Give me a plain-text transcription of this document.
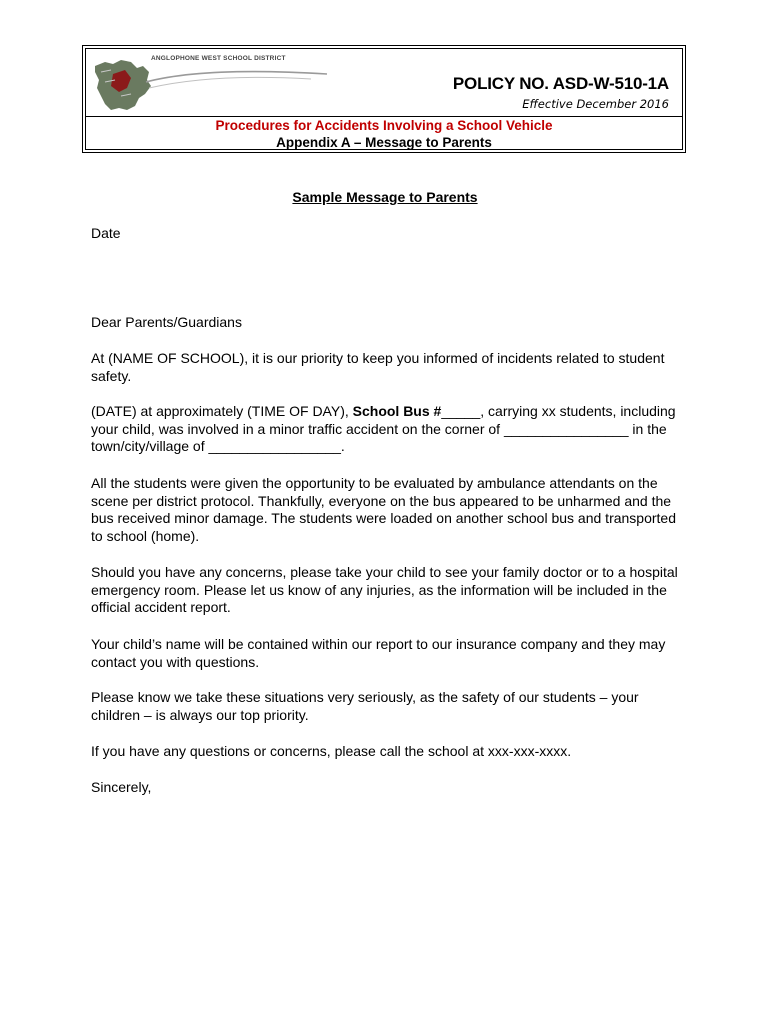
ANGLOPHONE WEST SCHOOL DISTRICT
POLICY NO. ASD-W-510-1A
Effective December 2016
Procedures for Accidents Involving a School Vehicle
Appendix A – Message to Parents
Sample Message to Parents
Date
Dear Parents/Guardians
At (NAME OF SCHOOL), it is our priority to keep you informed of incidents related to student safety.
(DATE) at approximately (TIME OF DAY), School Bus #_____, carrying xx students, including your child, was involved in a minor traffic accident on the corner of ________________ in the town/city/village of _________________.
All the students were given the opportunity to be evaluated by ambulance attendants on the scene per district protocol. Thankfully, everyone on the bus appeared to be unharmed and the bus received minor damage. The students were loaded on another school bus and transported to school (home).
Should you have any concerns, please take your child to see your family doctor or to a hospital emergency room. Please let us know of any injuries, as the information will be included in the official accident report.
Your child’s name will be contained within our report to our insurance company and they may contact you with questions.
Please know we take these situations very seriously, as the safety of our students – your children – is always our top priority.
If you have any questions or concerns, please call the school at xxx-xxx-xxxx.
Sincerely,
